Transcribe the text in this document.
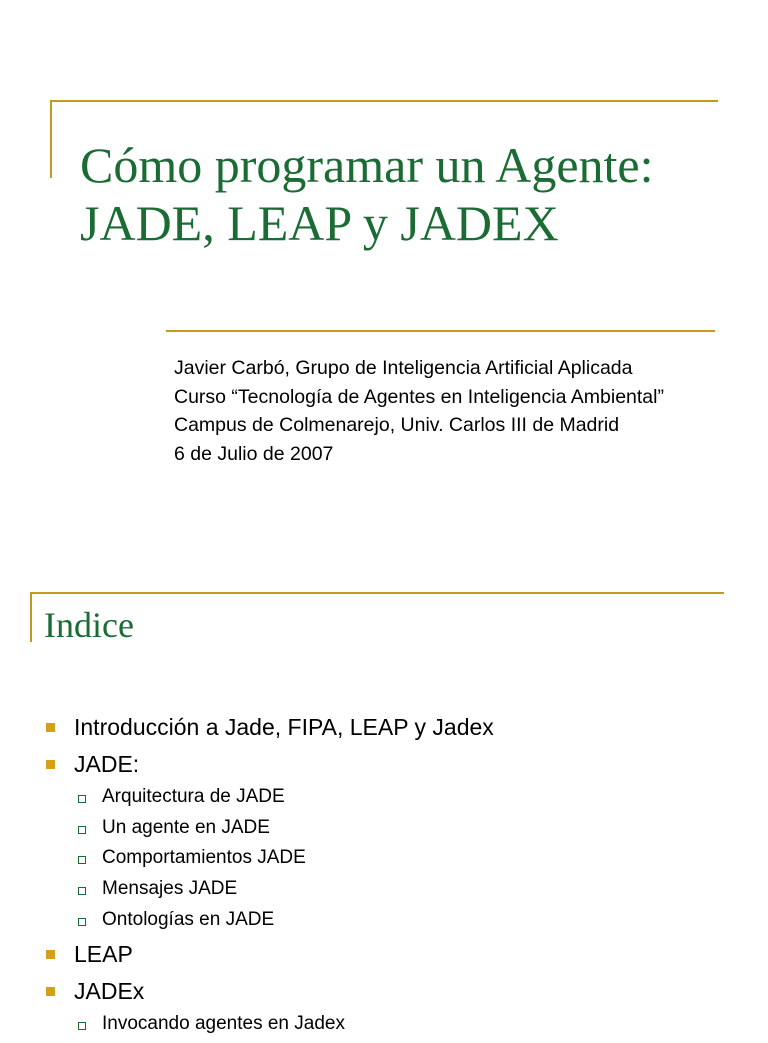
Cómo programar un Agente:
JADE, LEAP y JADEX
Javier Carbó, Grupo de Inteligencia Artificial Aplicada
Curso “Tecnología de Agentes en Inteligencia Ambiental”
Campus de Colmenarejo, Univ. Carlos III de Madrid
6 de Julio de 2007
Indice
Introducción a Jade, FIPA, LEAP y Jadex
JADE:
Arquitectura de JADE
Un agente en JADE
Comportamientos JADE
Mensajes JADE
Ontologías en JADE
LEAP
JADEx
Invocando agentes en Jadex
